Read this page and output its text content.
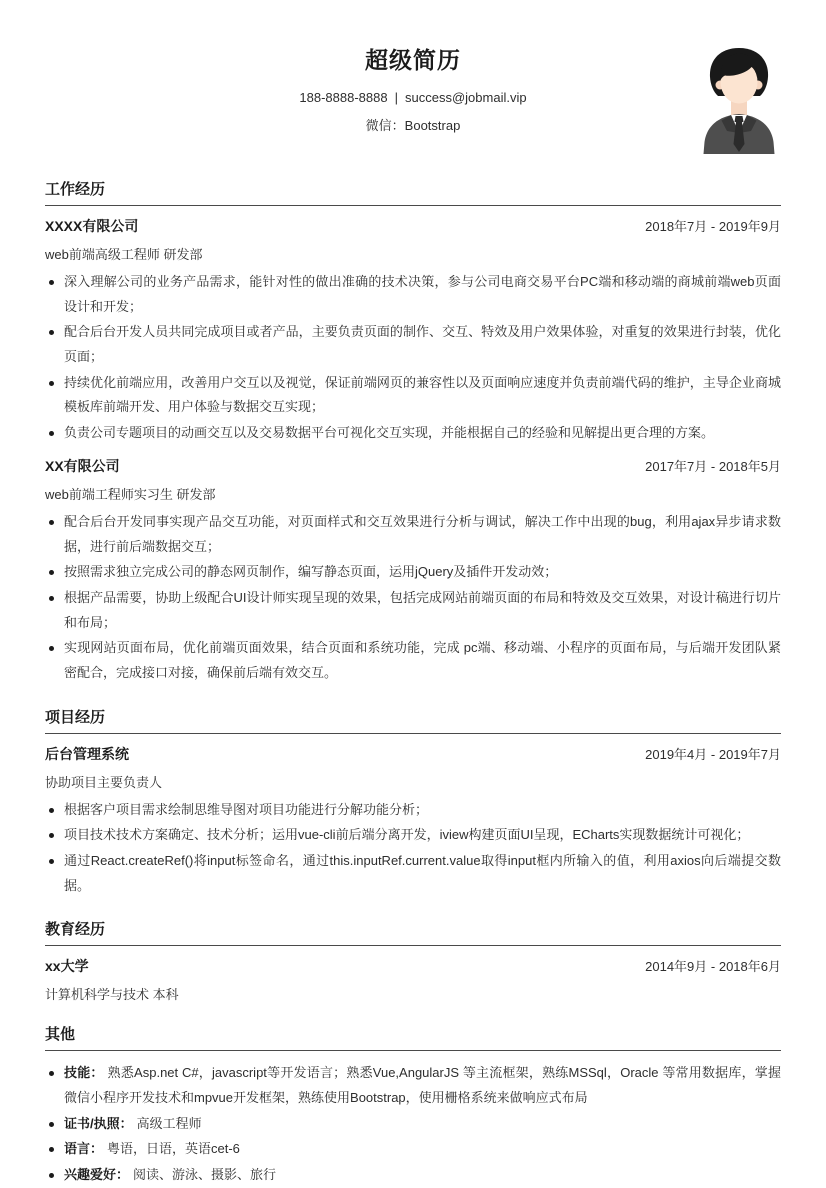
超级简历
188-8888-8888 | success@jobmail.vip
微信：Bootstrap
工作经历
XXXX有限公司	2018年7月 - 2019年9月
web前端高级工程师 研发部
深入理解公司的业务产品需求，能针对性的做出准确的技术决策，参与公司电商交易平台PC端和移动端的商城前端web页面设计和开发；
配合后台开发人员共同完成项目或者产品，主要负责页面的制作、交互、特效及用户效果体验，对重复的效果进行封装，优化页面；
持续优化前端应用，改善用户交互以及视觉，保证前端网页的兼容性以及页面响应速度并负责前端代码的维护，主导企业商城模板库前端开发、用户体验与数据交互实现；
负责公司专题项目的动画交互以及交易数据平台可视化交互实现，并能根据自己的经验和见解提出更合理的方案。
XX有限公司	2017年7月 - 2018年5月
web前端工程师实习生 研发部
配合后台开发同事实现产品交互功能，对页面样式和交互效果进行分析与调试，解决工作中出现的bug，利用ajax异步请求数据，进行前后端数据交互；
按照需求独立完成公司的静态网页制作，编写静态页面，运用jQuery及插件开发动效；
根据产品需要，协助上级配合UI设计师实现呈现的效果，包括完成网站前端页面的布局和特效及交互效果，对设计稿进行切片和布局；
实现网站页面布局，优化前端页面效果，结合页面和系统功能，完成 pc端、移动端、小程序的页面布局，与后端开发团队紧密配合，完成接口对接，确保前后端有效交互。
项目经历
后台管理系统	2019年4月 - 2019年7月
协助项目主要负责人
根据客户项目需求绘制思维导图对项目功能进行分解功能分析；
项目技术技术方案确定、技术分析；运用vue-cli前后端分离开发，iview构建页面UI呈现，ECharts实现数据统计可视化；
通过React.createRef()将input标签命名，通过this.inputRef.current.value取得input框内所输入的值，利用axios向后端提交数据。
教育经历
xx大学	2014年9月 - 2018年6月
计算机科学与技术 本科
其他
技能： 熟悉Asp.net C#，javascript等开发语言；熟悉Vue,AngularJS 等主流框架，熟练MSSql，Oracle 等常用数据库，掌握微信小程序开发技术和mpvue开发框架，熟练使用Bootstrap，使用栅格系统来做响应式布局
证书/执照： 高级工程师
语言： 粤语，日语，英语cet-6
兴趣爱好： 阅读、游泳、摄影、旅行
